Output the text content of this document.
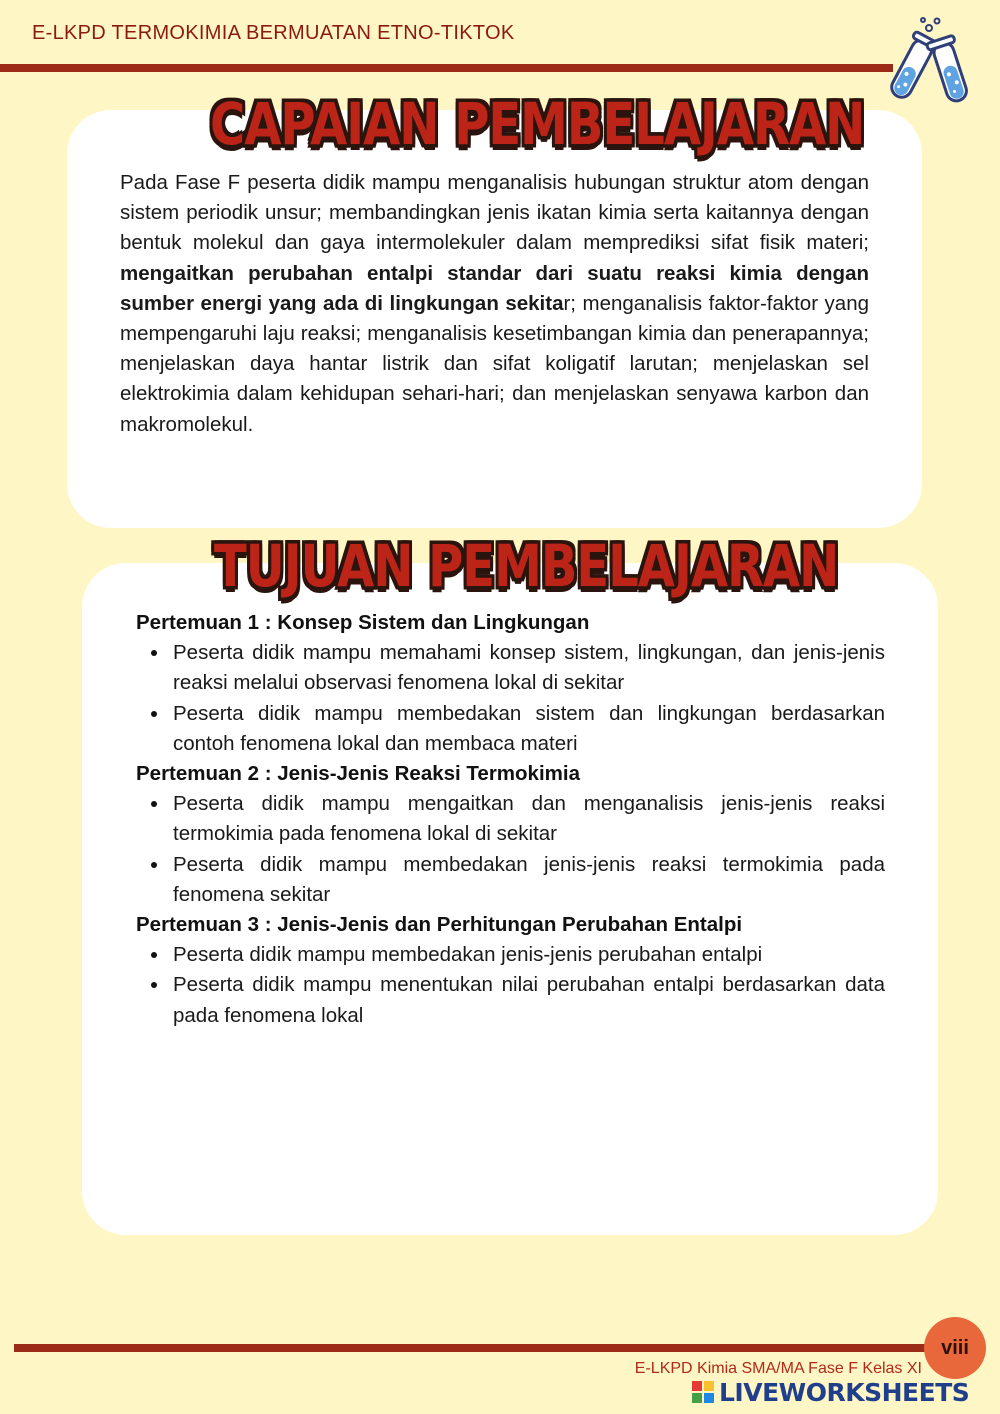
E-LKPD TERMOKIMIA BERMUATAN ETNO-TIKTOK
CAPAIAN PEMBELAJARAN

Pada Fase F peserta didik mampu menganalisis hubungan struktur atom dengan sistem periodik unsur; membandingkan jenis ikatan kimia serta kaitannya dengan bentuk molekul dan gaya intermolekuler dalam memprediksi sifat fisik materi; mengaitkan perubahan entalpi standar dari suatu reaksi kimia dengan sumber energi yang ada di lingkungan sekitar; menganalisis faktor-faktor yang mempengaruhi laju reaksi; menganalisis kesetimbangan kimia dan penerapannya; menjelaskan daya hantar listrik dan sifat koligatif larutan; menjelaskan sel elektrokimia dalam kehidupan sehari-hari; dan menjelaskan senyawa karbon dan makromolekul.

TUJUAN PEMBELAJARAN

Pertemuan 1 : Konsep Sistem dan Lingkungan

Peserta didik mampu memahami konsep sistem, lingkungan, dan jenis-jenis reaksi melalui observasi fenomena lokal di sekitar
Peserta didik mampu membedakan sistem dan lingkungan berdasarkan contoh fenomena lokal dan membaca materi

Pertemuan 2 : Jenis-Jenis Reaksi Termokimia

Peserta didik mampu mengaitkan dan menganalisis jenis-jenis reaksi termokimia pada fenomena lokal di sekitar
Peserta didik mampu membedakan jenis-jenis reaksi termokimia pada fenomena sekitar

Pertemuan 3 : Jenis-Jenis dan Perhitungan Perubahan Entalpi

Peserta didik mampu membedakan jenis-jenis perubahan entalpi
Peserta didik mampu menentukan nilai perubahan entalpi berdasarkan data pada fenomena lokal
viii
E-LKPD Kimia SMA/MA Fase F Kelas XI
LIVEWORKSHEETS
